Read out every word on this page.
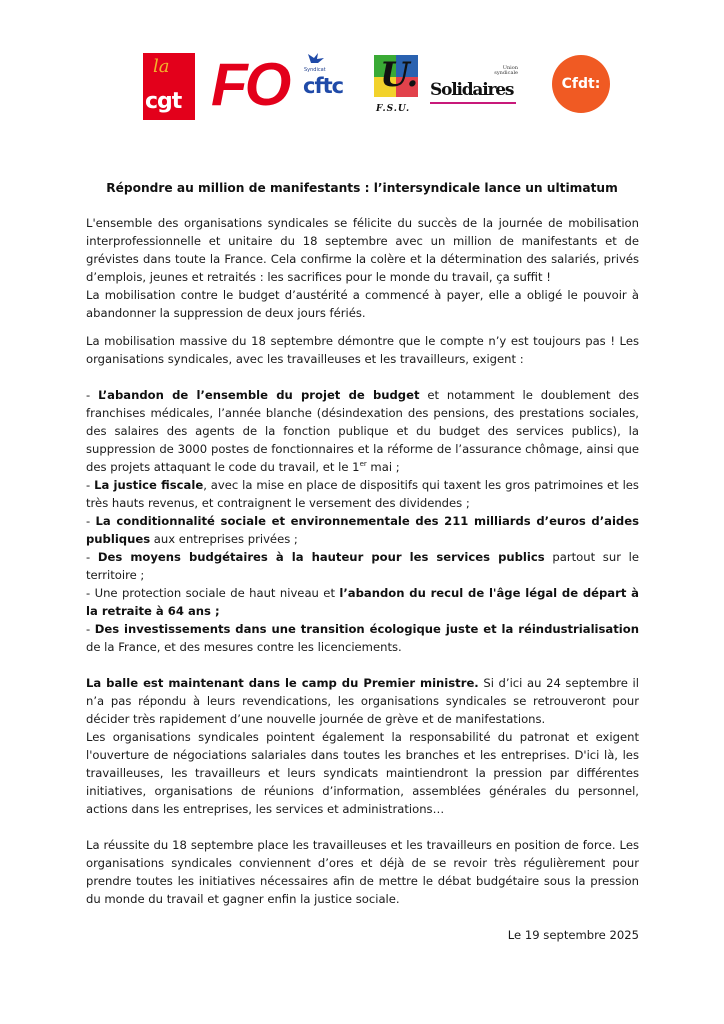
la
cgt FO	Syndicat
cftc U.
F.S.U.
Union
syndicale
Solidaires	Cfdt:
Répondre au million de manifestants : l’intersyndicale lance un ultimatum

L'ensemble des organisations syndicales se félicite du succès de la journée de mobilisation interprofessionnelle et unitaire du 18 septembre avec un million de manifestants et de grévistes dans toute la France. Cela confirme la colère et la détermination des salariés, privés d’emplois, jeunes et retraités : les sacrifices pour le monde du travail, ça suffit !

La mobilisation contre le budget d’austérité a commencé à payer, elle a obligé le pouvoir à abandonner la suppression de deux jours fériés.

La mobilisation massive du 18 septembre démontre que le compte n’y est toujours pas ! Les organisations syndicales, avec les travailleuses et les travailleurs, exigent :

- L’abandon de l’ensemble du projet de budget et notamment le doublement des franchises médicales, l’année blanche (désindexation des pensions, des prestations sociales, des salaires des agents de la fonction publique et du budget des services publics), la suppression de 3000 postes de fonctionnaires et la réforme de l’assurance chômage, ainsi que des projets attaquant le code du travail, et le 1er mai ;

- La justice fiscale, avec la mise en place de dispositifs qui taxent les gros patrimoines et les très hauts revenus, et contraignent le versement des dividendes ;

- La conditionnalité sociale et environnementale des 211 milliards d’euros d’aides publiques aux entreprises privées ;

- Des moyens budgétaires à la hauteur pour les services publics partout sur le territoire ;

- Une protection sociale de haut niveau et l’abandon du recul de l'âge légal de départ à la retraite à 64 ans ;

- Des investissements dans une transition écologique juste et la réindustrialisation de la France, et des mesures contre les licenciements.

La balle est maintenant dans le camp du Premier ministre. Si d’ici au 24 septembre il n’a pas répondu à leurs revendications, les organisations syndicales se retrouveront pour décider très rapidement d’une nouvelle journée de grève et de manifestations.

Les organisations syndicales pointent également la responsabilité du patronat et exigent l'ouverture de négociations salariales dans toutes les branches et les entreprises. D'ici là, les travailleuses, les travailleurs et leurs syndicats maintiendront la pression par différentes initiatives, organisations de réunions d’information, assemblées générales du personnel, actions dans les entreprises, les services et administrations…

La réussite du 18 septembre place les travailleuses et les travailleurs en position de force. Les organisations syndicales conviennent d’ores et déjà de se revoir très régulièrement pour prendre toutes les initiatives nécessaires afin de mettre le débat budgétaire sous la pression du monde du travail et gagner enfin la justice sociale.

Le 19 septembre 2025
